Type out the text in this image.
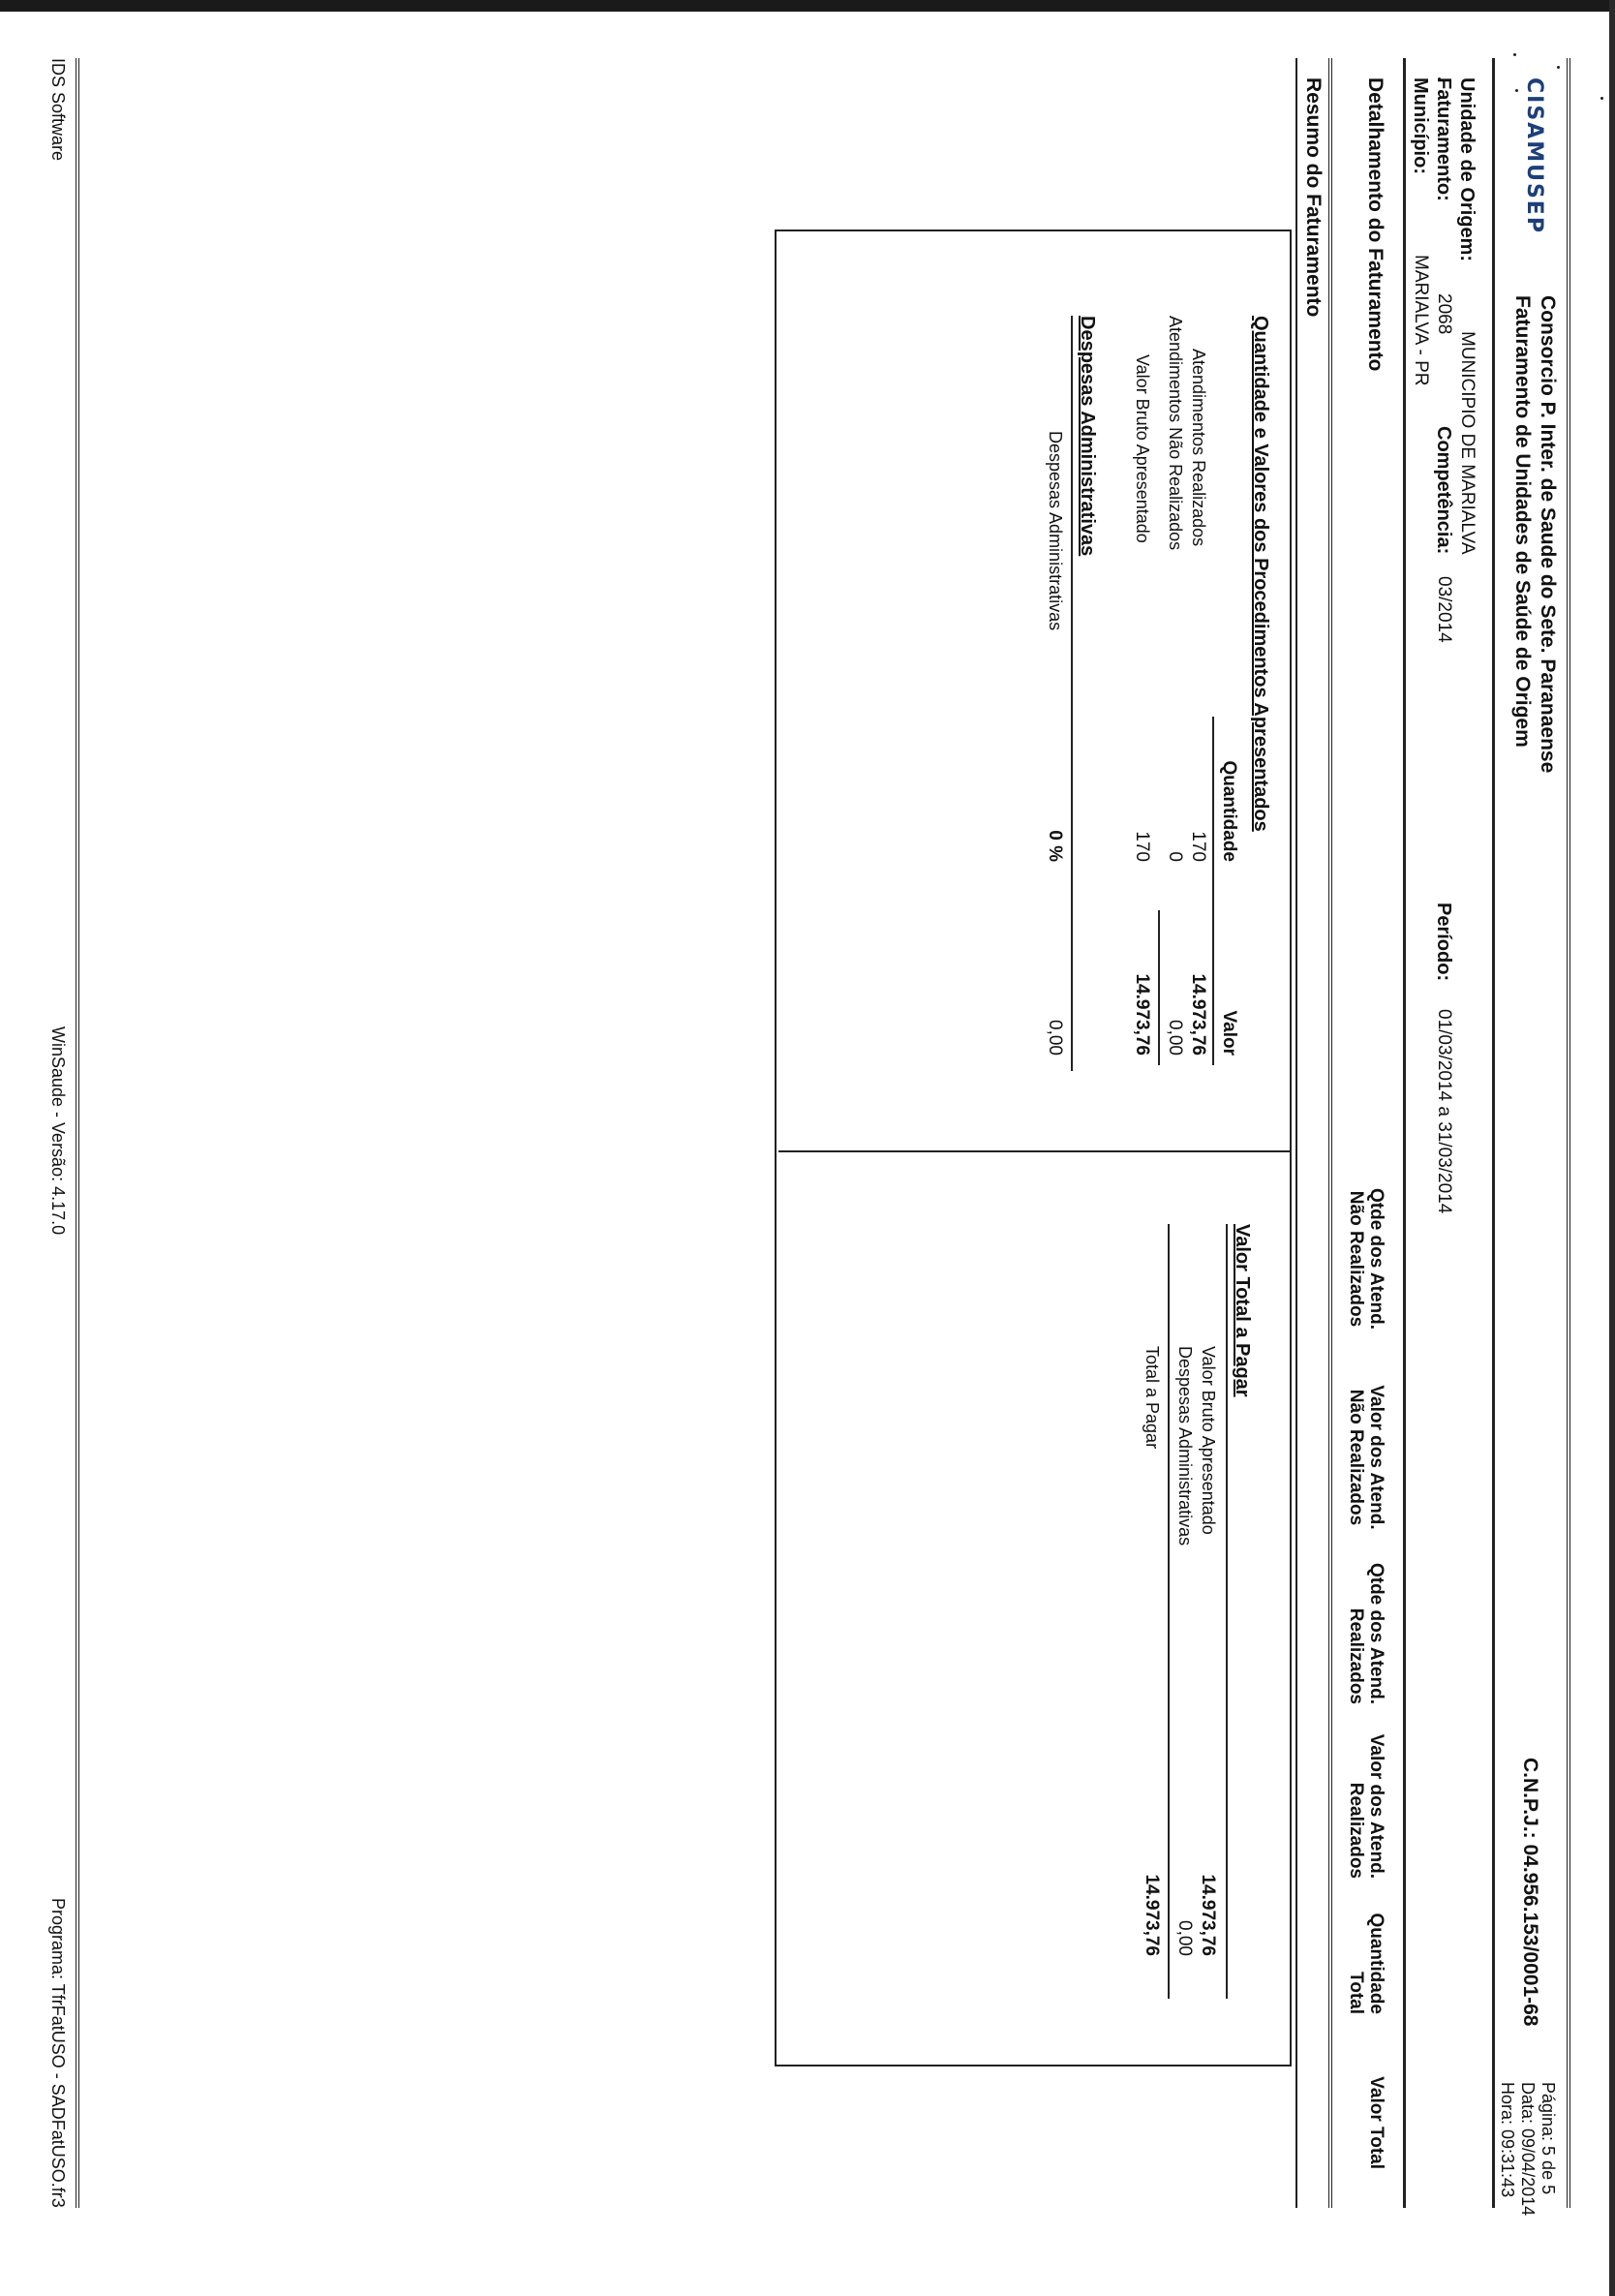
CISAMUSEP
Consorcio P. Inter. de Saude do Sete. Paranaense
Faturamento de Unidades de Saúde de Origem
C.N.P.J.: 04.956.153/0001-68
Página: 5 de 5
Data: 09/04/2014
Hora: 09:31:43
Unidade de Origem:
MUNICIPIO DE MARIALVA
Faturamento:
2068
Competência:
03/2014
Período:
01/03/2014 a 31/03/2014
Município:
MARIALVA - PR
Detalhamento do Faturamento
Qtde dos Atend.
Não Realizados
Valor dos Atend.
Não Realizados
Qtde dos Atend.
Realizados
Valor dos Atend.
Realizados
Quantidade
Total
Valor Total
Resumo do Faturamento
Quantidade e Valores dos Procedimentos Apresentados
Quantidade
Valor
Atendimentos Realizados
170
14.973,76
Atendimentos Não Realizados
0
0,00
Valor Bruto Apresentado
170
14.973,76
Despesas Administrativas
Despesas Administrativas
0 %
0,00
Valor Total a Pagar
Valor Bruto Apresentado
14.973,76
Despesas Administrativas
0,00
Total a Pagar
14.973,76
IDS Software
WinSaude - Versão: 4.17.0
Programa: TfrFatUSO - SADFatUSO.fr3
